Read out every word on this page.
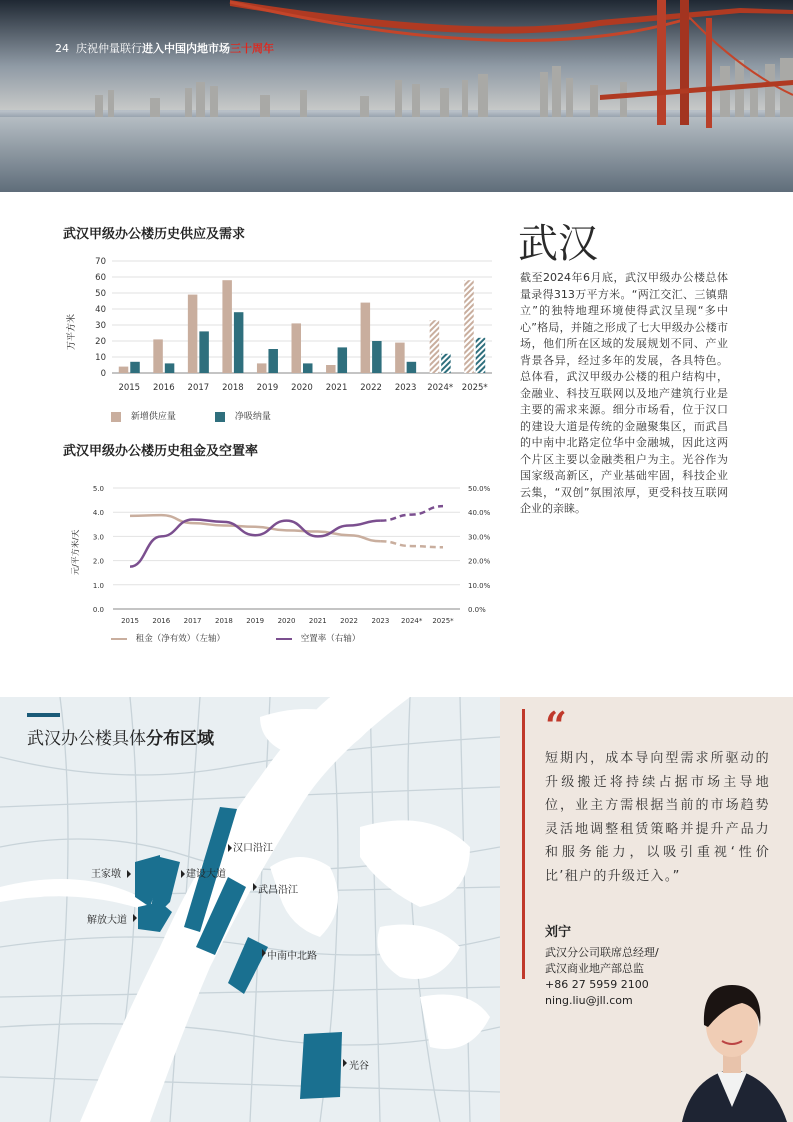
24 庆祝仲量联行进入中国内地市场三十周年
武汉甲级办公楼历史供应及需求
0
10
20
30
40
50
60
70
2015 2016 2017 2018 2019 2020 2021 2022 2023 2024* 2025*
万平方米
新增供应量	净吸纳量
武汉甲级办公楼历史租金及空置率
0.0	0.0%
1.0	10.0%
2.0	20.0%
3.0	30.0%
4.0	40.0%
5.0	50.0%
2015 2016 2017 2018 2019 2020 2021 2022 2023 2024* 2025*
元/平方米/天
租金（净有效）（左轴）	空置率（右轴）
武汉
截至2024年6月底，武汉甲级办公楼总体量录得313万平方米。“两江交汇、三镇鼎立”的独特地理环境使得武汉呈现“多中心”格局，并随之形成了七大甲级办公楼市场，他们所在区域的发展规划不同、产业背景各异，经过多年的发展，各具特色。总体看，武汉甲级办公楼的租户结构中，金融业、科技互联网以及地产建筑行业是主要的需求来源。细分市场看，位于汉口的建设大道是传统的金融聚集区，而武昌的中南中北路定位华中金融城，因此这两个片区主要以金融类租户为主。光谷作为国家级高新区，产业基础牢固，科技企业云集，“双创”氛围浓厚，更受科技互联网企业的亲睐。
武汉办公楼具体分布区域
汉口沿江
王家墩	建设大道
武昌沿江
解放大道
中南中北路
光谷
“
短期内，成本导向型需求所驱动的升级搬迁将持续占据市场主导地位，业主方需根据当前的市场趋势灵活地调整租赁策略并提升产品力和服务能力，以吸引重视‘性价比’租户的升级迁入。”
刘宁
武汉分公司联席总经理/
武汉商业地产部总监
+86 27 5959 2100
ning.liu@jll.com
